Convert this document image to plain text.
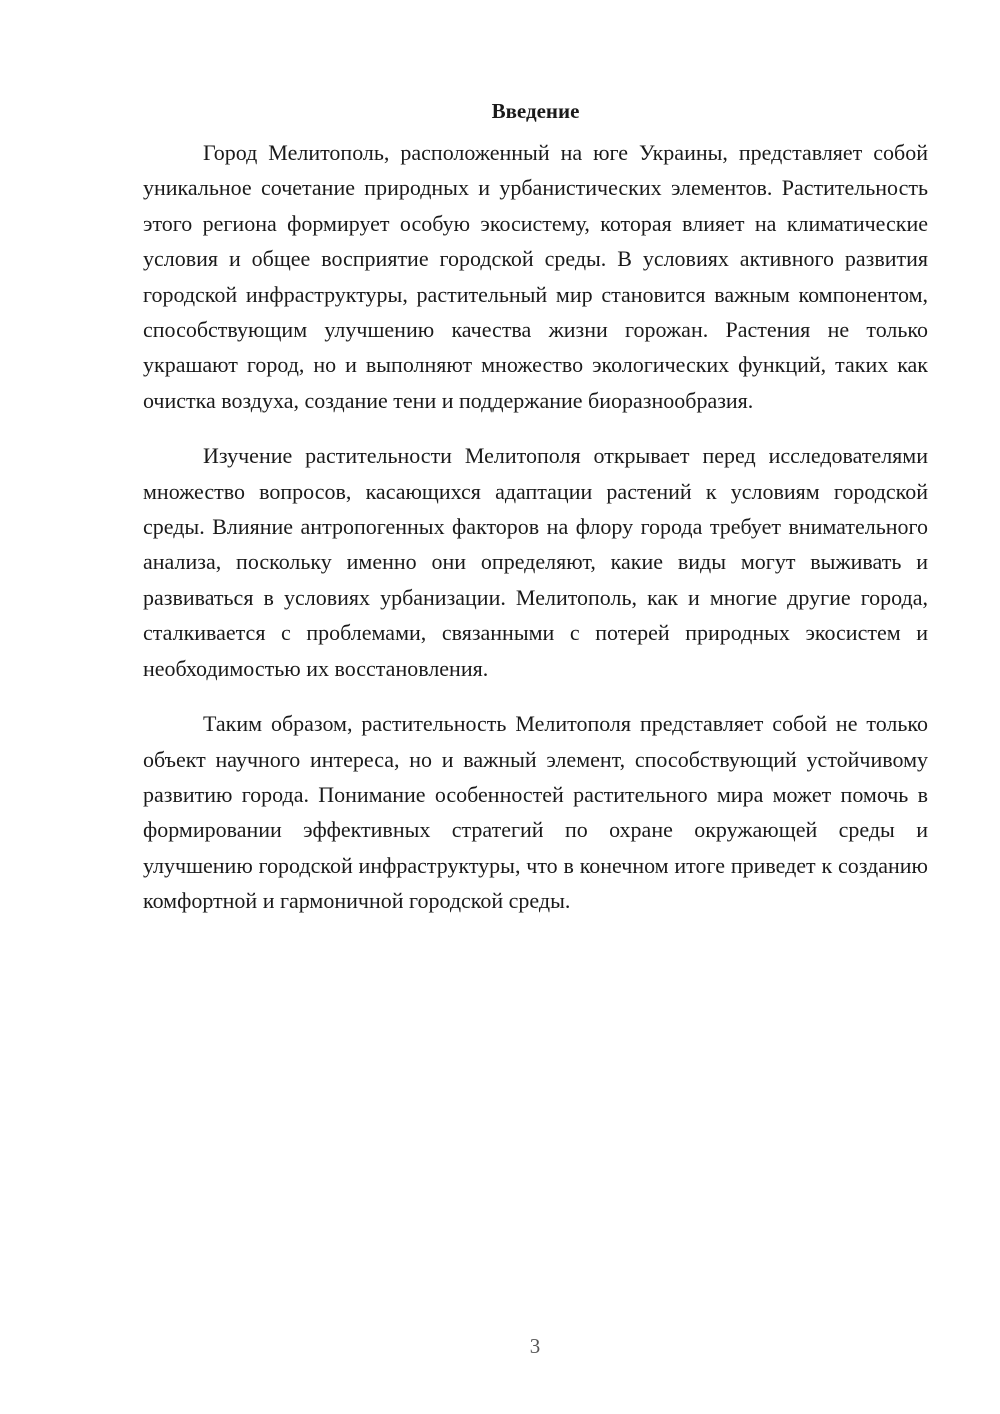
Введение

Город Мелитополь, расположенный на юге Украины, представляет собой уникальное сочетание природных и урбанистических элементов. Растительность этого региона формирует особую экосистему, которая влияет на климатические условия и общее восприятие городской среды. В условиях активного развития городской инфраструктуры, растительный мир становится важным компонентом, способствующим улучшению качества жизни горожан. Растения не только украшают город, но и выполняют множество экологических функций, таких как очистка воздуха, создание тени и поддержание биоразнообразия.

Изучение растительности Мелитополя открывает перед исследователями множество вопросов, касающихся адаптации растений к условиям городской среды. Влияние антропогенных факторов на флору города требует внимательного анализа, поскольку именно они определяют, какие виды могут выживать и развиваться в условиях урбанизации. Мелитополь, как и многие другие города, сталкивается с проблемами, связанными с потерей природных экосистем и необходимостью их восстановления.

Таким образом, растительность Мелитополя представляет собой не только объект научного интереса, но и важный элемент, способствующий устойчивому развитию города. Понимание особенностей растительного мира может помочь в формировании эффективных стратегий по охране окружающей среды и улучшению городской инфраструктуры, что в конечном итоге приведет к созданию комфортной и гармоничной городской среды.

3
